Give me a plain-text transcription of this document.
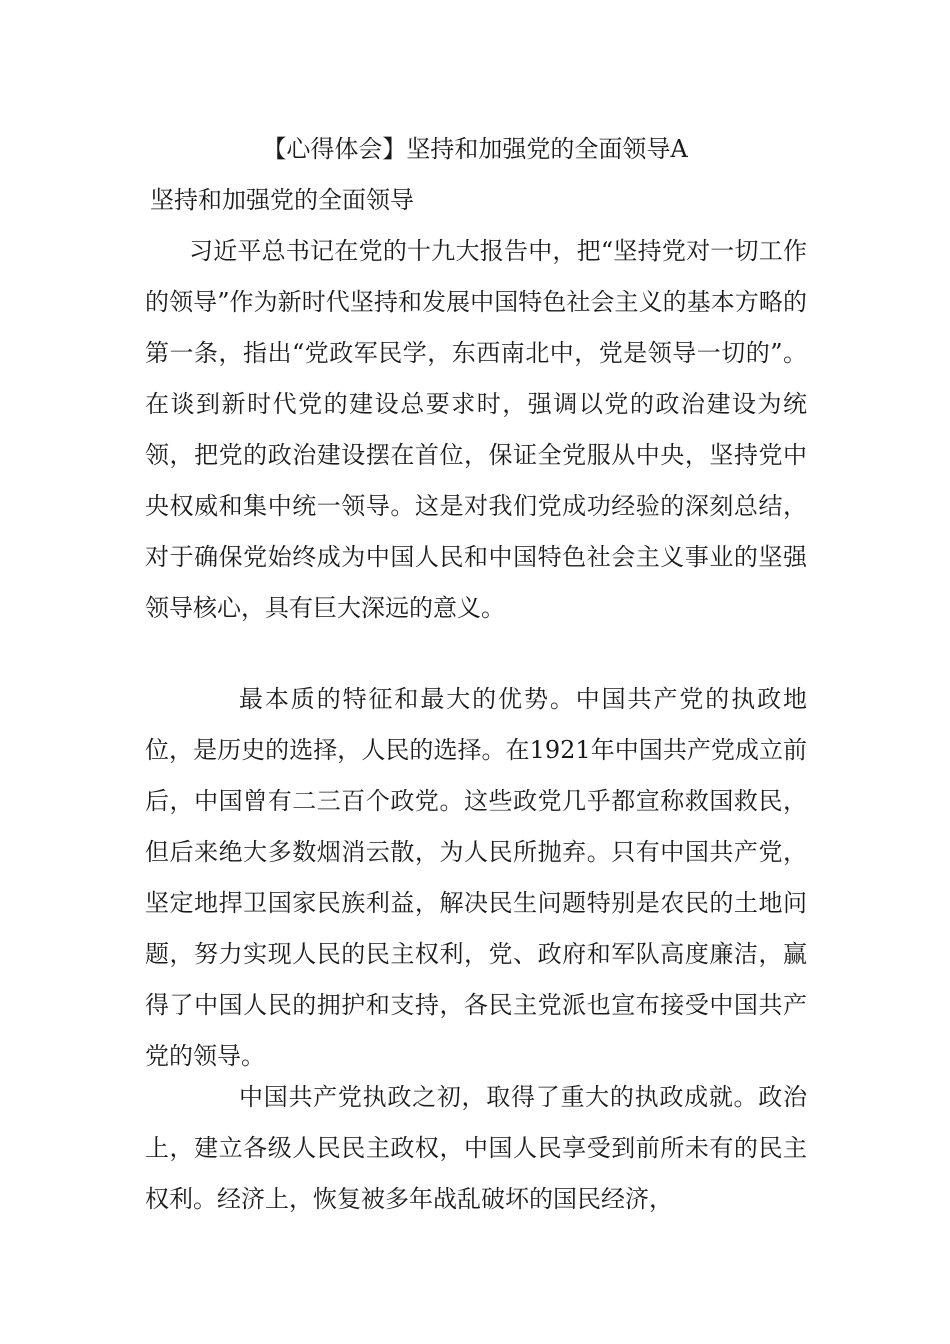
【心得体会】坚持和加强党的全面领导A
坚持和加强党的全面领导

习近平总书记在党的十九大报告中，把“坚持党对一切工作的领导”作为新时代坚持和发展中国特色社会主义的基本方略的第一条，指出“党政军民学，东西南北中，党是领导一切的”。在谈到新时代党的建设总要求时，强调以党的政治建设为统领，把党的政治建设摆在首位，保证全党服从中央，坚持党中央权威和集中统一领导。这是对我们党成功经验的深刻总结，对于确保党始终成为中国人民和中国特色社会主义事业的坚强领导核心，具有巨大深远的意义。

最本质的特征和最大的优势。中国共产党的执政地位，是历史的选择，人民的选择。在1921年中国共产党成立前后，中国曾有二三百个政党。这些政党几乎都宣称救国救民，但后来绝大多数烟消云散，为人民所抛弃。只有中国共产党，坚定地捍卫国家民族利益，解决民生问题特别是农民的土地问题，努力实现人民的民主权利，党、政府和军队高度廉洁，赢得了中国人民的拥护和支持，各民主党派也宣布接受中国共产党的领导。

中国共产党执政之初，取得了重大的执政成就。政治上，建立各级人民民主政权，中国人民享受到前所未有的民主权利。经济上，恢复被多年战乱破坏的国民经济，
